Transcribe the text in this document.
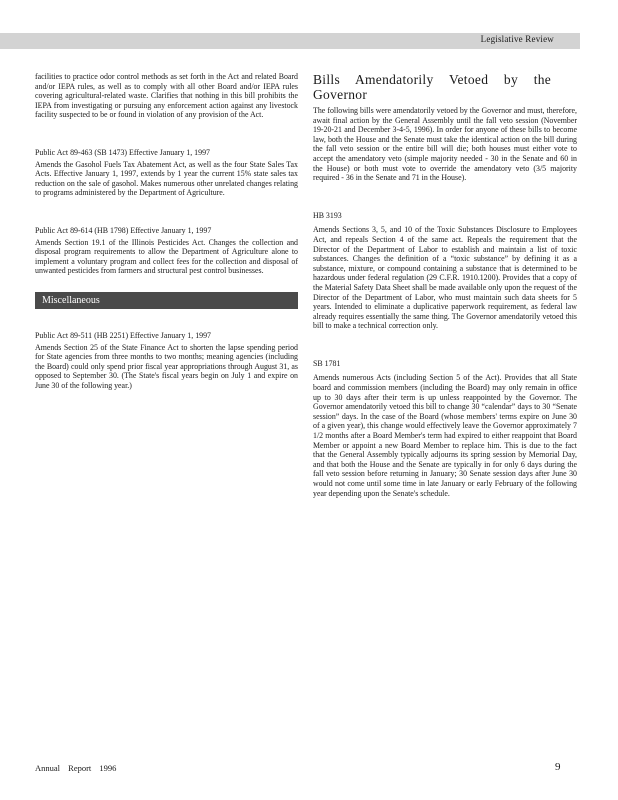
Legislative Review

facilities to practice odor control methods as set forth in the Act and related Board and/or IEPA rules, as well as to comply with all other Board and/or IEPA rules covering agricultural-related waste. Clarifies that nothing in this bill prohibits the IEPA from investigating or pursuing any enforcement action against any livestock facility suspected to be or found in violation of any provision of the Act.

Public Act 89-463 (SB 1473) Effective January 1, 1997

Amends the Gasohol Fuels Tax Abatement Act, as well as the four State Sales Tax Acts. Effective January 1, 1997, extends by 1 year the current 15% state sales tax reduction on the sale of gasohol. Makes numerous other unrelated changes relating to programs administered by the Department of Agriculture.

Public Act 89-614 (HB 1798) Effective January 1, 1997

Amends Section 19.1 of the Illinois Pesticides Act. Changes the collection and disposal program requirements to allow the Department of Agriculture alone to implement a voluntary program and collect fees for the collection and disposal of unwanted pesticides from farmers and structural pest control businesses.

Miscellaneous

Public Act 89-511 (HB 2251) Effective January 1, 1997

Amends Section 25 of the State Finance Act to shorten the lapse spending period for State agencies from three months to two months; meaning agencies (including the Board) could only spend prior fiscal year appropriations through August 31, as opposed to September 30. (The State's fiscal years begin on July 1 and expire on June 30 of the following year.)

Bills Amendatorily Vetoed by the Governor

The following bills were amendatorily vetoed by the Governor and must, therefore, await final action by the General Assembly until the fall veto session (November 19-20-21 and December 3-4-5, 1996). In order for anyone of these bills to become law, both the House and the Senate must take the identical action on the bill during the fall veto session or the entire bill will die; both houses must either vote to accept the amendatory veto (simple majority needed - 30 in the Senate and 60 in the House) or both must vote to override the amendatory veto (3/5 majority required - 36 in the Senate and 71 in the House).

HB 3193

Amends Sections 3, 5, and 10 of the Toxic Substances Disclosure to Employees Act, and repeals Section 4 of the same act. Repeals the requirement that the Director of the Department of Labor to establish and maintain a list of toxic substances. Changes the definition of a “toxic substance” by defining it as a substance, mixture, or compound containing a substance that is determined to be hazardous under federal regulation (29 C.F.R. 1910.1200). Provides that a copy of the Material Safety Data Sheet shall be made available only upon the request of the Director of the Department of Labor, who must maintain such data sheets for 5 years. Intended to eliminate a duplicative paperwork requirement, as federal law already requires essentially the same thing. The Governor amendatorily vetoed this bill to make a technical correction only.

SB 1781

Amends numerous Acts (including Section 5 of the Act). Provides that all State board and commission members (including the Board) may only remain in office up to 30 days after their term is up unless reappointed by the Governor. The Governor amendatorily vetoed this bill to change 30 “calendar” days to 30 “Senate session” days. In the case of the Board (whose members' terms expire on June 30 of a given year), this change would effectively leave the Governor approximately 7 1/2 months after a Board Member's term had expired to either reappoint that Board Member or appoint a new Board Member to replace him. This is due to the fact that the General Assembly typically adjourns its spring session by Memorial Day, and that both the House and the Senate are typically in for only 6 days during the fall veto session before returning in January; 30 Senate session days after June 30 would not come until some time in late January or early February of the following year depending upon the Senate's schedule.

Annual Report 1996	9
